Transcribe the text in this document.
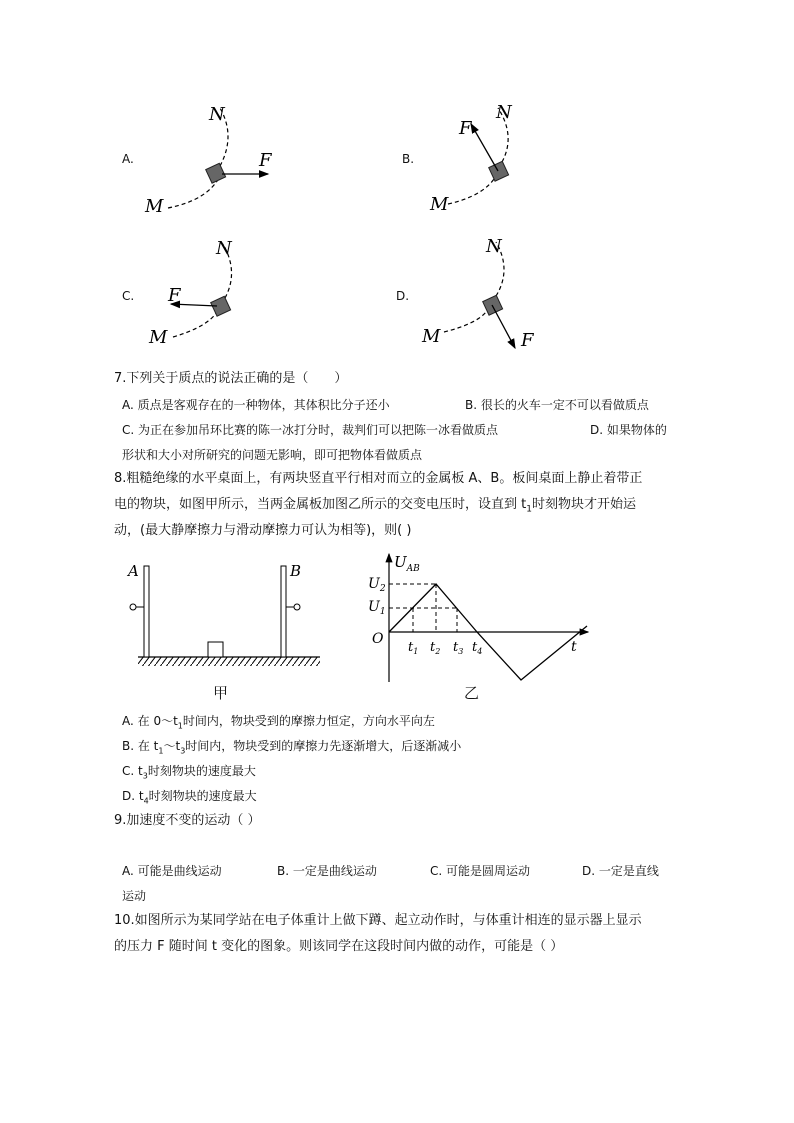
A.
N
M
F	B.
N
M
F
C.
N
M
F	D.
N
M	F
7.下列关于质点的说法正确的是（　　）
A. 质点是客观存在的一种物体，其体积比分子还小	B. 很长的火车一定不可以看做质点
C. 为正在参加吊环比赛的陈一冰打分时，裁判们可以把陈一冰看做质点	D. 如果物体的
形状和大小对所研究的问题无影响，即可把物体看做质点
8.粗糙绝缘的水平桌面上，有两块竖直平行相对而立的金属板 A、B。板间桌面上静止着带正
电的物块，如图甲所示，当两金属板加图乙所示的交变电压时，设直到 $t_1$时刻物块才开始运
动，(最大静摩擦力与滑动摩擦力可认为相等)，则( )
A	B
甲
$U_{AB}$
$U_2$
$U_1$
O
$t_1$ $t_2$ $t_3$ $t_4$	t
乙
A. 在 $0\sim t_1$时间内，物块受到的摩擦力恒定，方向水平向左
B. 在 $t_1\sim t_3$时间内，物块受到的摩擦力先逐渐增大，后逐渐减小
C. $t_3$时刻物块的速度最大
D. $t_4$时刻物块的速度最大
9.加速度不变的运动（ ）
A. 可能是曲线运动	B. 一定是曲线运动	C. 可能是圆周运动	D. 一定是直线
运动
10.如图所示为某同学站在电子体重计上做下蹲、起立动作时，与体重计相连的显示器上显示
的压力 F 随时间 t 变化的图象。则该同学在这段时间内做的动作，可能是（ ）
